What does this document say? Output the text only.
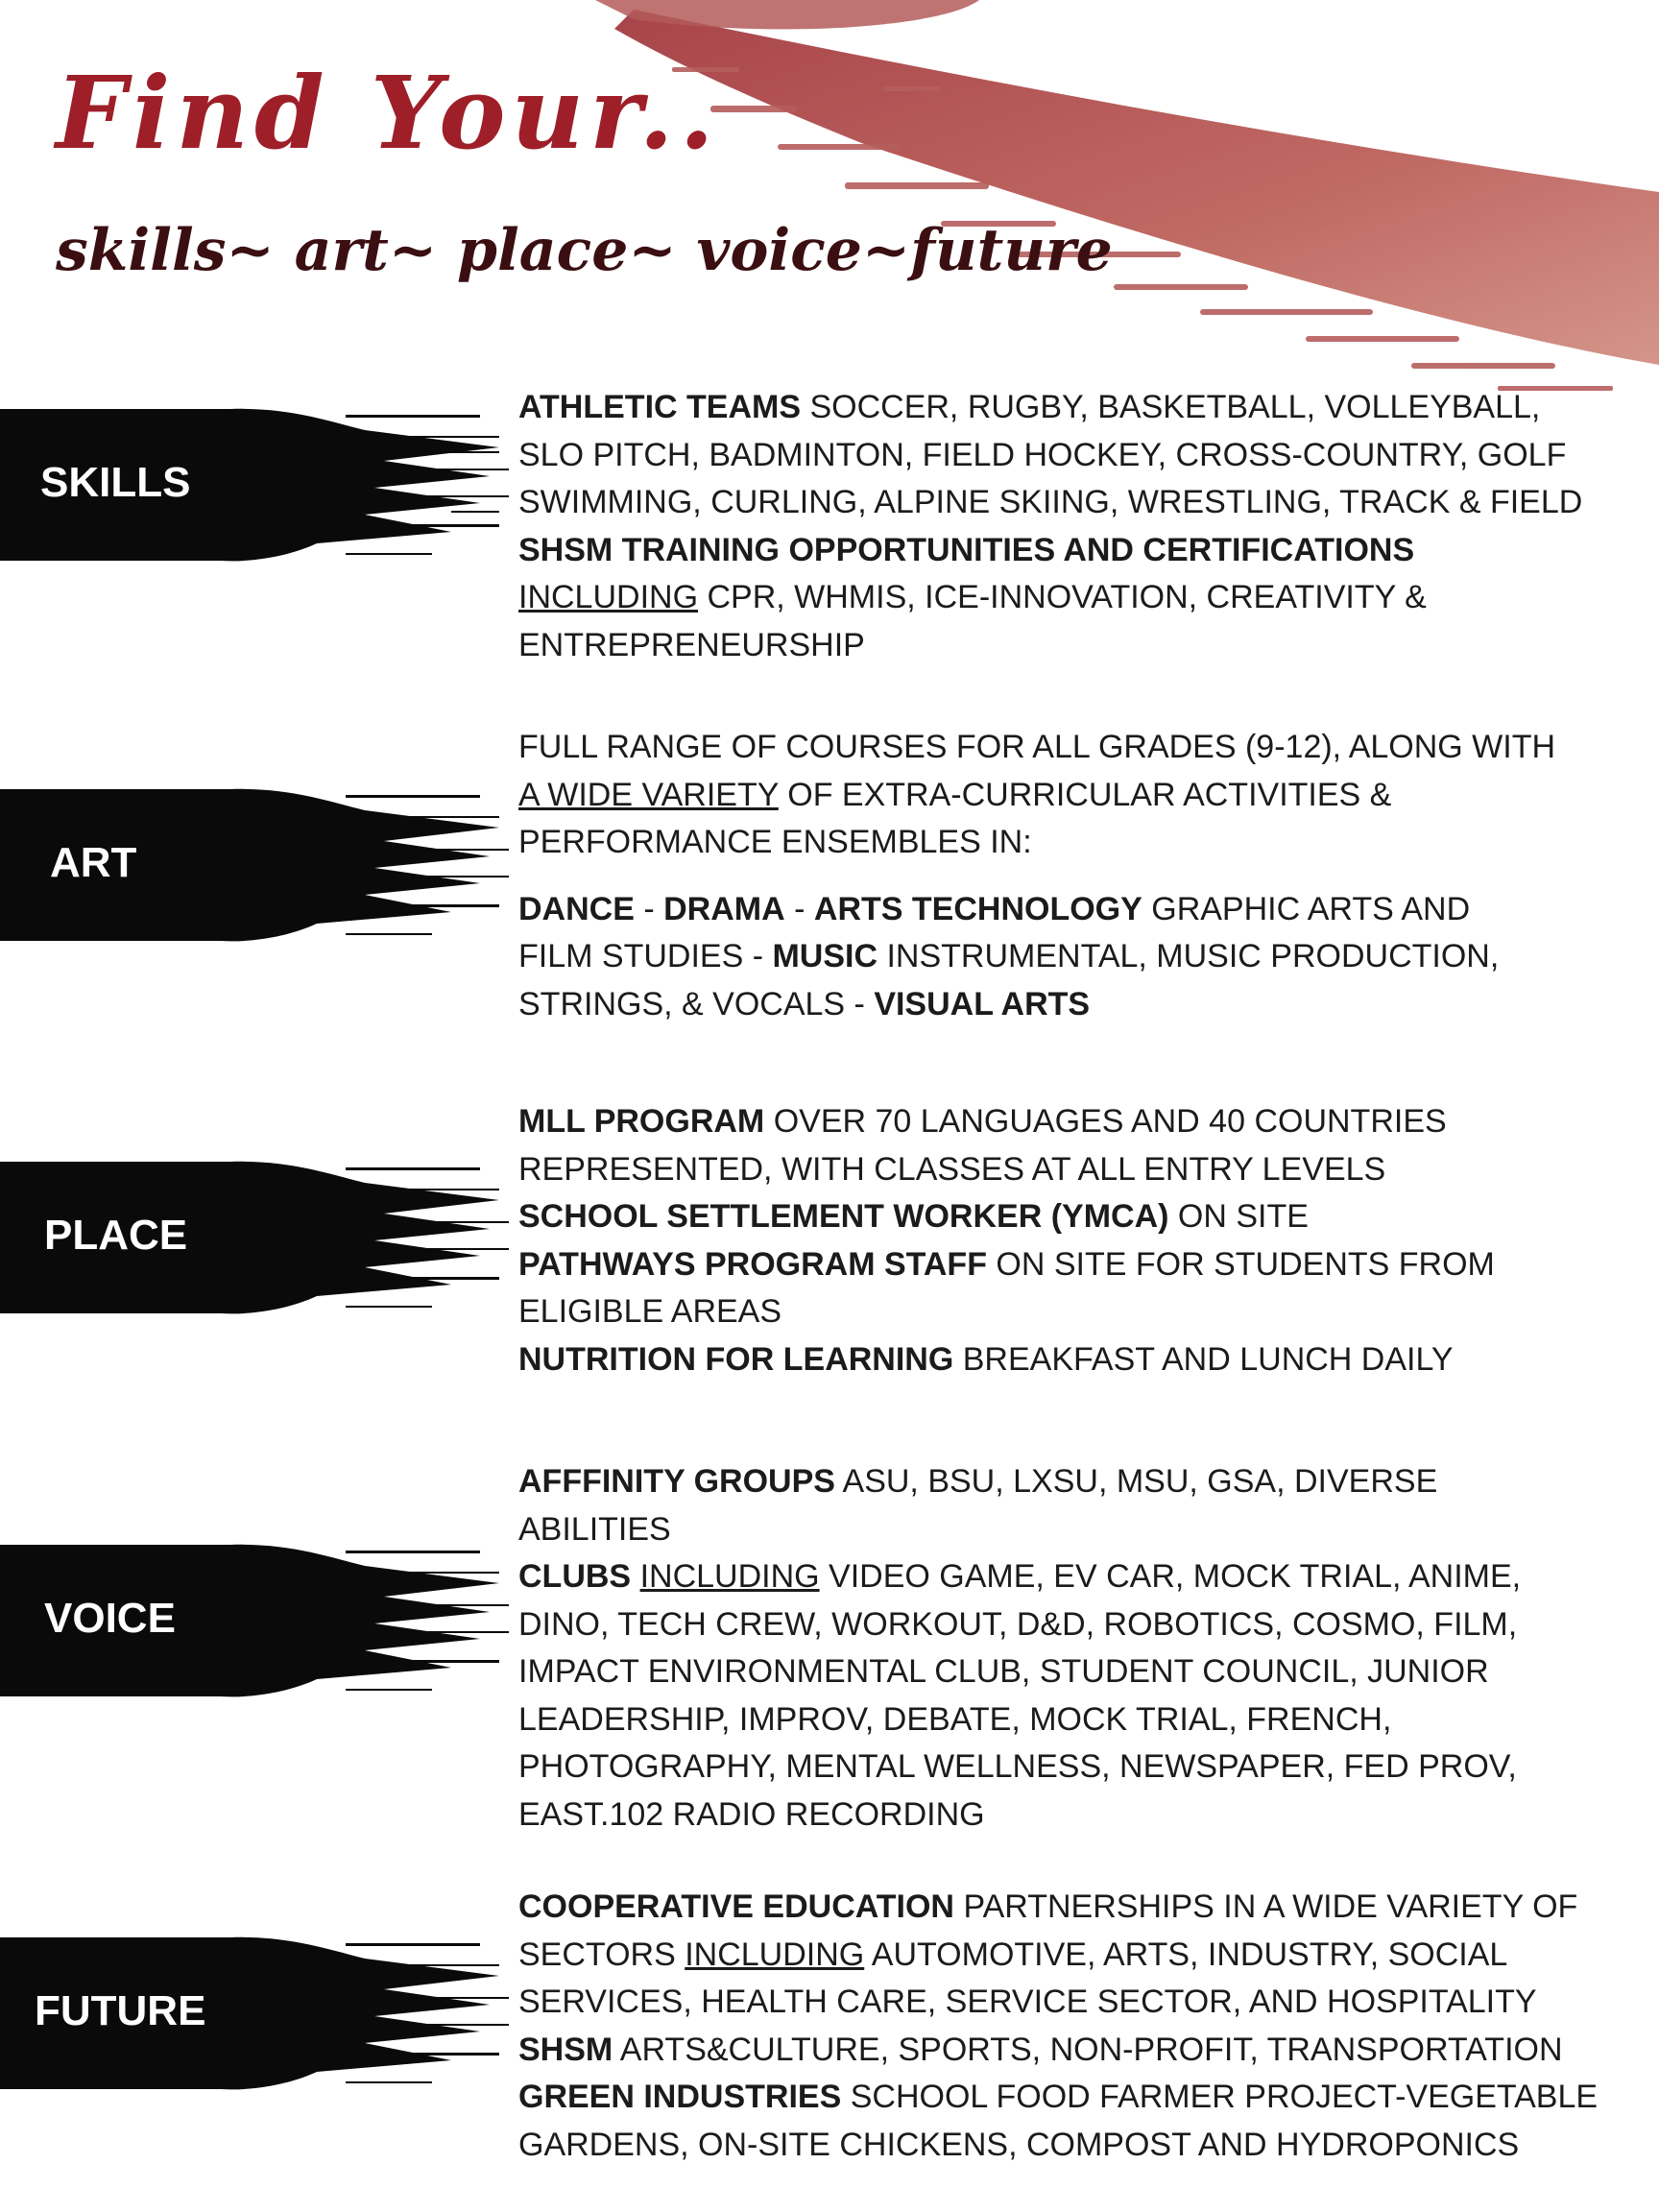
Find Your..
skills~ art~ place~ voice~future
SKILLS
ATHLETIC TEAMS SOCCER, RUGBY, BASKETBALL, VOLLEYBALL,
SLO PITCH, BADMINTON, FIELD HOCKEY, CROSS-COUNTRY, GOLF
SWIMMING, CURLING, ALPINE SKIING, WRESTLING, TRACK & FIELD
SHSM TRAINING OPPORTUNITIES AND CERTIFICATIONS
INCLUDING CPR, WHMIS, ICE-INNOVATION, CREATIVITY &
ENTREPRENEURSHIP
ART
FULL RANGE OF COURSES FOR ALL GRADES (9-12), ALONG WITH
A WIDE VARIETY OF EXTRA-CURRICULAR ACTIVITIES &
PERFORMANCE ENSEMBLES IN:
DANCE - DRAMA - ARTS TECHNOLOGY GRAPHIC ARTS AND
FILM STUDIES - MUSIC INSTRUMENTAL, MUSIC PRODUCTION,
STRINGS, & VOCALS - VISUAL ARTS
PLACE
MLL PROGRAM OVER 70 LANGUAGES AND 40 COUNTRIES
REPRESENTED, WITH CLASSES AT ALL ENTRY LEVELS
SCHOOL SETTLEMENT WORKER (YMCA) ON SITE
PATHWAYS PROGRAM STAFF ON SITE FOR STUDENTS FROM
ELIGIBLE AREAS
NUTRITION FOR LEARNING BREAKFAST AND LUNCH DAILY
VOICE
AFFFINITY GROUPS ASU, BSU, LXSU, MSU, GSA, DIVERSE
ABILITIES
CLUBS INCLUDING VIDEO GAME, EV CAR, MOCK TRIAL, ANIME,
DINO, TECH CREW, WORKOUT, D&D, ROBOTICS, COSMO, FILM,
IMPACT ENVIRONMENTAL CLUB, STUDENT COUNCIL, JUNIOR
LEADERSHIP, IMPROV, DEBATE, MOCK TRIAL, FRENCH,
PHOTOGRAPHY, MENTAL WELLNESS, NEWSPAPER, FED PROV,
EAST.102 RADIO RECORDING
FUTURE
COOPERATIVE EDUCATION PARTNERSHIPS IN A WIDE VARIETY OF
SECTORS INCLUDING AUTOMOTIVE, ARTS, INDUSTRY, SOCIAL
SERVICES, HEALTH CARE, SERVICE SECTOR, AND HOSPITALITY
SHSM ARTS&CULTURE, SPORTS, NON-PROFIT, TRANSPORTATION
GREEN INDUSTRIES SCHOOL FOOD FARMER PROJECT-VEGETABLE
GARDENS, ON-SITE CHICKENS, COMPOST AND HYDROPONICS
